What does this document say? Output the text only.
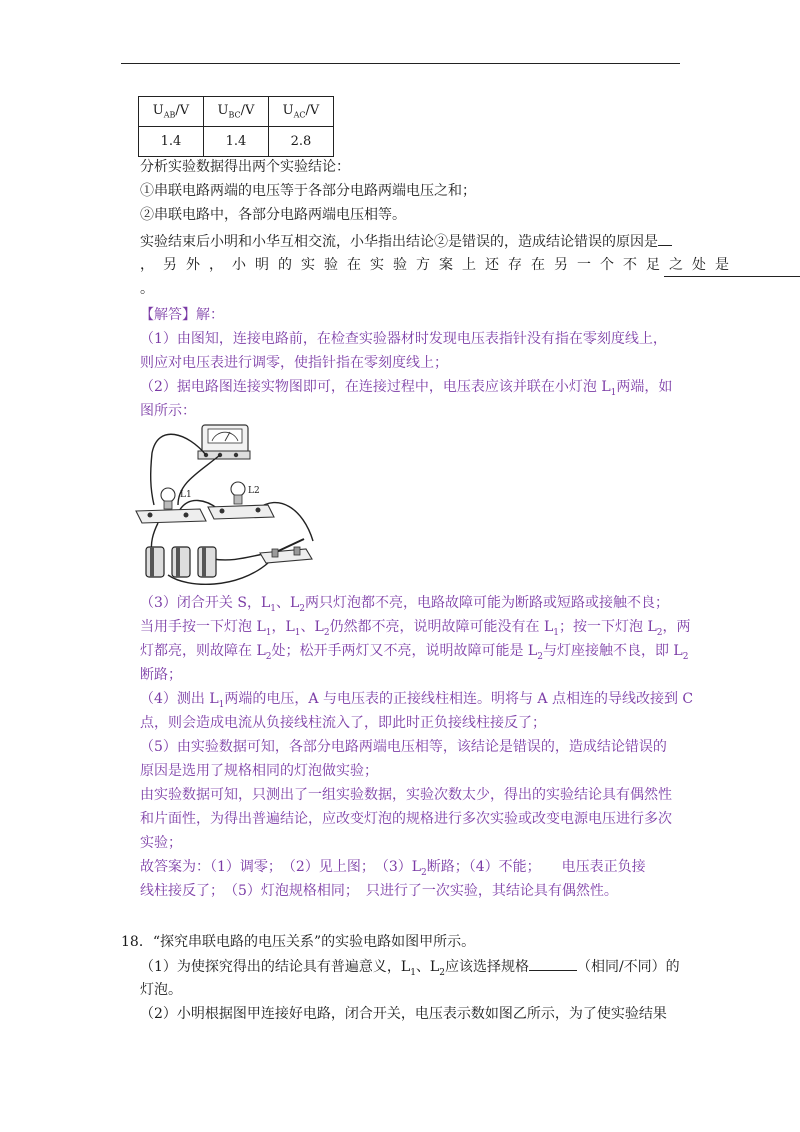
$U_{AB}/V$	$U_{BC}/V$	$U_{AC}/V$
1.4	1.4	2.8
分析实验数据得出两个实验结论：
①串联电路两端的电压等于各部分电路两端电压之和；
②串联电路中，各部分电路两端电压相等。
实验结束后小明和小华互相交流，小华指出结论②是错误的，造成结论错误的原因是
，另外，小明的实验在实验方案上还存在另一个不足之处是
。
【解答】解：
（1）由图知，连接电路前，在检查实验器材时发现电压表指针没有指在零刻度线上，
则应对电压表进行调零，使指针指在零刻度线上；
（2）据电路图连接实物图即可，在连接过程中，电压表应该并联在小灯泡 $L_1$两端，如
图所示：
L1	L2
（3）闭合开关 S，$L_1$、$L_2$两只灯泡都不亮，电路故障可能为断路或短路或接触不良；
当用手按一下灯泡 $L_1$，$L_1$、$L_2$仍然都不亮，说明故障可能没有在 $L_1$；按一下灯泡 $L_2$，两
灯都亮，则故障在 $L_2$处；松开手两灯又不亮，说明故障可能是 $L_2$与灯座接触不良，即 $L_2$
断路；
（4）测出 $L_1$两端的电压，A 与电压表的正接线柱相连。明将与 A 点相连的导线改接到 C
点，则会造成电流从负接线柱流入了，即此时正负接线柱接反了；
（5）由实验数据可知，各部分电路两端电压相等，该结论是错误的，造成结论错误的
原因是选用了规格相同的灯泡做实验；
由实验数据可知，只测出了一组实验数据，实验次数太少，得出的实验结论具有偶然性
和片面性，为得出普遍结论，应改变灯泡的规格进行多次实验或改变电源电压进行多次
实验；
故答案为：（1）调零；　（2）见上图；　$(3)L_2$断路；（4）不能；　　电压表正负接
线柱接反了；　（5）灯泡规格相同；　只进行了一次实验，其结论具有偶然性。
18．“探究串联电路的电压关系”的实验电路如图甲所示。
（1）为使探究得出的结论具有普遍意义，$L_1$、$L_2$应该选择规格	（相同/不同）的
灯泡。
（2）小明根据图甲连接好电路，闭合开关，电压表示数如图乙所示，为了使实验结果
